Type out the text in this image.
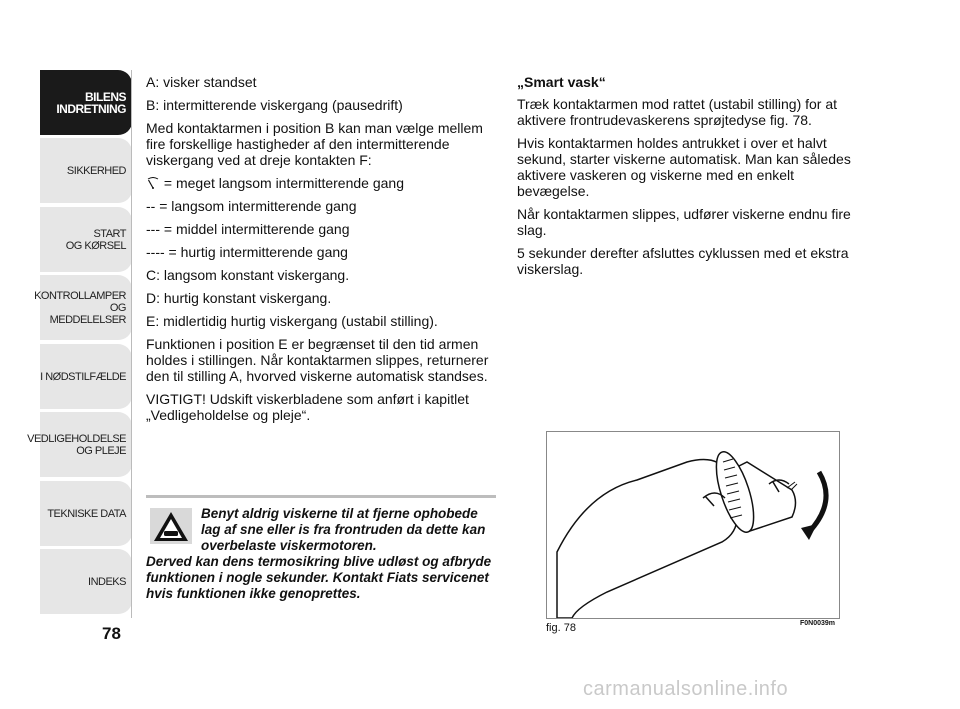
BILENS
INDRETNING
SIKKERHED
START
OG KØRSEL
KONTROLLAMPER
OG MEDDELELSER
I NØDSTILFÆLDE
VEDLIGEHOLDELSE
OG PLEJE
TEKNISKE DATA
INDEKS
78

A: visker standset

B: intermitterende viskergang (pausedrift)

Med kontaktarmen i position B kan man vælge mellem fire forskellige hastigheder af den intermitterende viskergang ved at dreje kontakten F:

= meget langsom intermitterende gang

-- = langsom intermitterende gang

--- = middel intermitterende gang

---- = hurtig intermitterende gang

C: langsom konstant viskergang.

D: hurtig konstant viskergang.

E: midlertidig hurtig viskergang (ustabil stilling).

Funktionen i position E er begrænset til den tid armen holdes i stillingen. Når kontaktarmen slippes, returnerer den til stilling A, hvorved viskerne automatisk standses.

VIGTIGT! Udskift viskerbladene som anført i kapitlet „Vedligeholdelse og pleje“.

Benyt aldrig viskerne til at fjerne ophobede lag af sne eller is fra frontruden da dette kan overbelaste viskermotoren.
Derved kan dens termosikring blive udløst og afbryde funktionen i nogle sekunder. Kontakt Fiats servicenet hvis funktionen ikke genoprettes.

„Smart vask“

Træk kontaktarmen mod rattet (ustabil stilling) for at aktivere frontrudevaskerens sprøjtedyse fig. 78.

Hvis kontaktarmen holdes antrukket i over et halvt sekund, starter viskerne automatisk. Man kan således aktivere vaskeren og viskerne med en enkelt bevægelse.

Når kontaktarmen slippes, udfører viskerne endnu fire slag.

5 sekunder derefter afsluttes cyklussen med et ekstra viskerslag.

fig. 78	F0N0039m
carmanualsonline.info
